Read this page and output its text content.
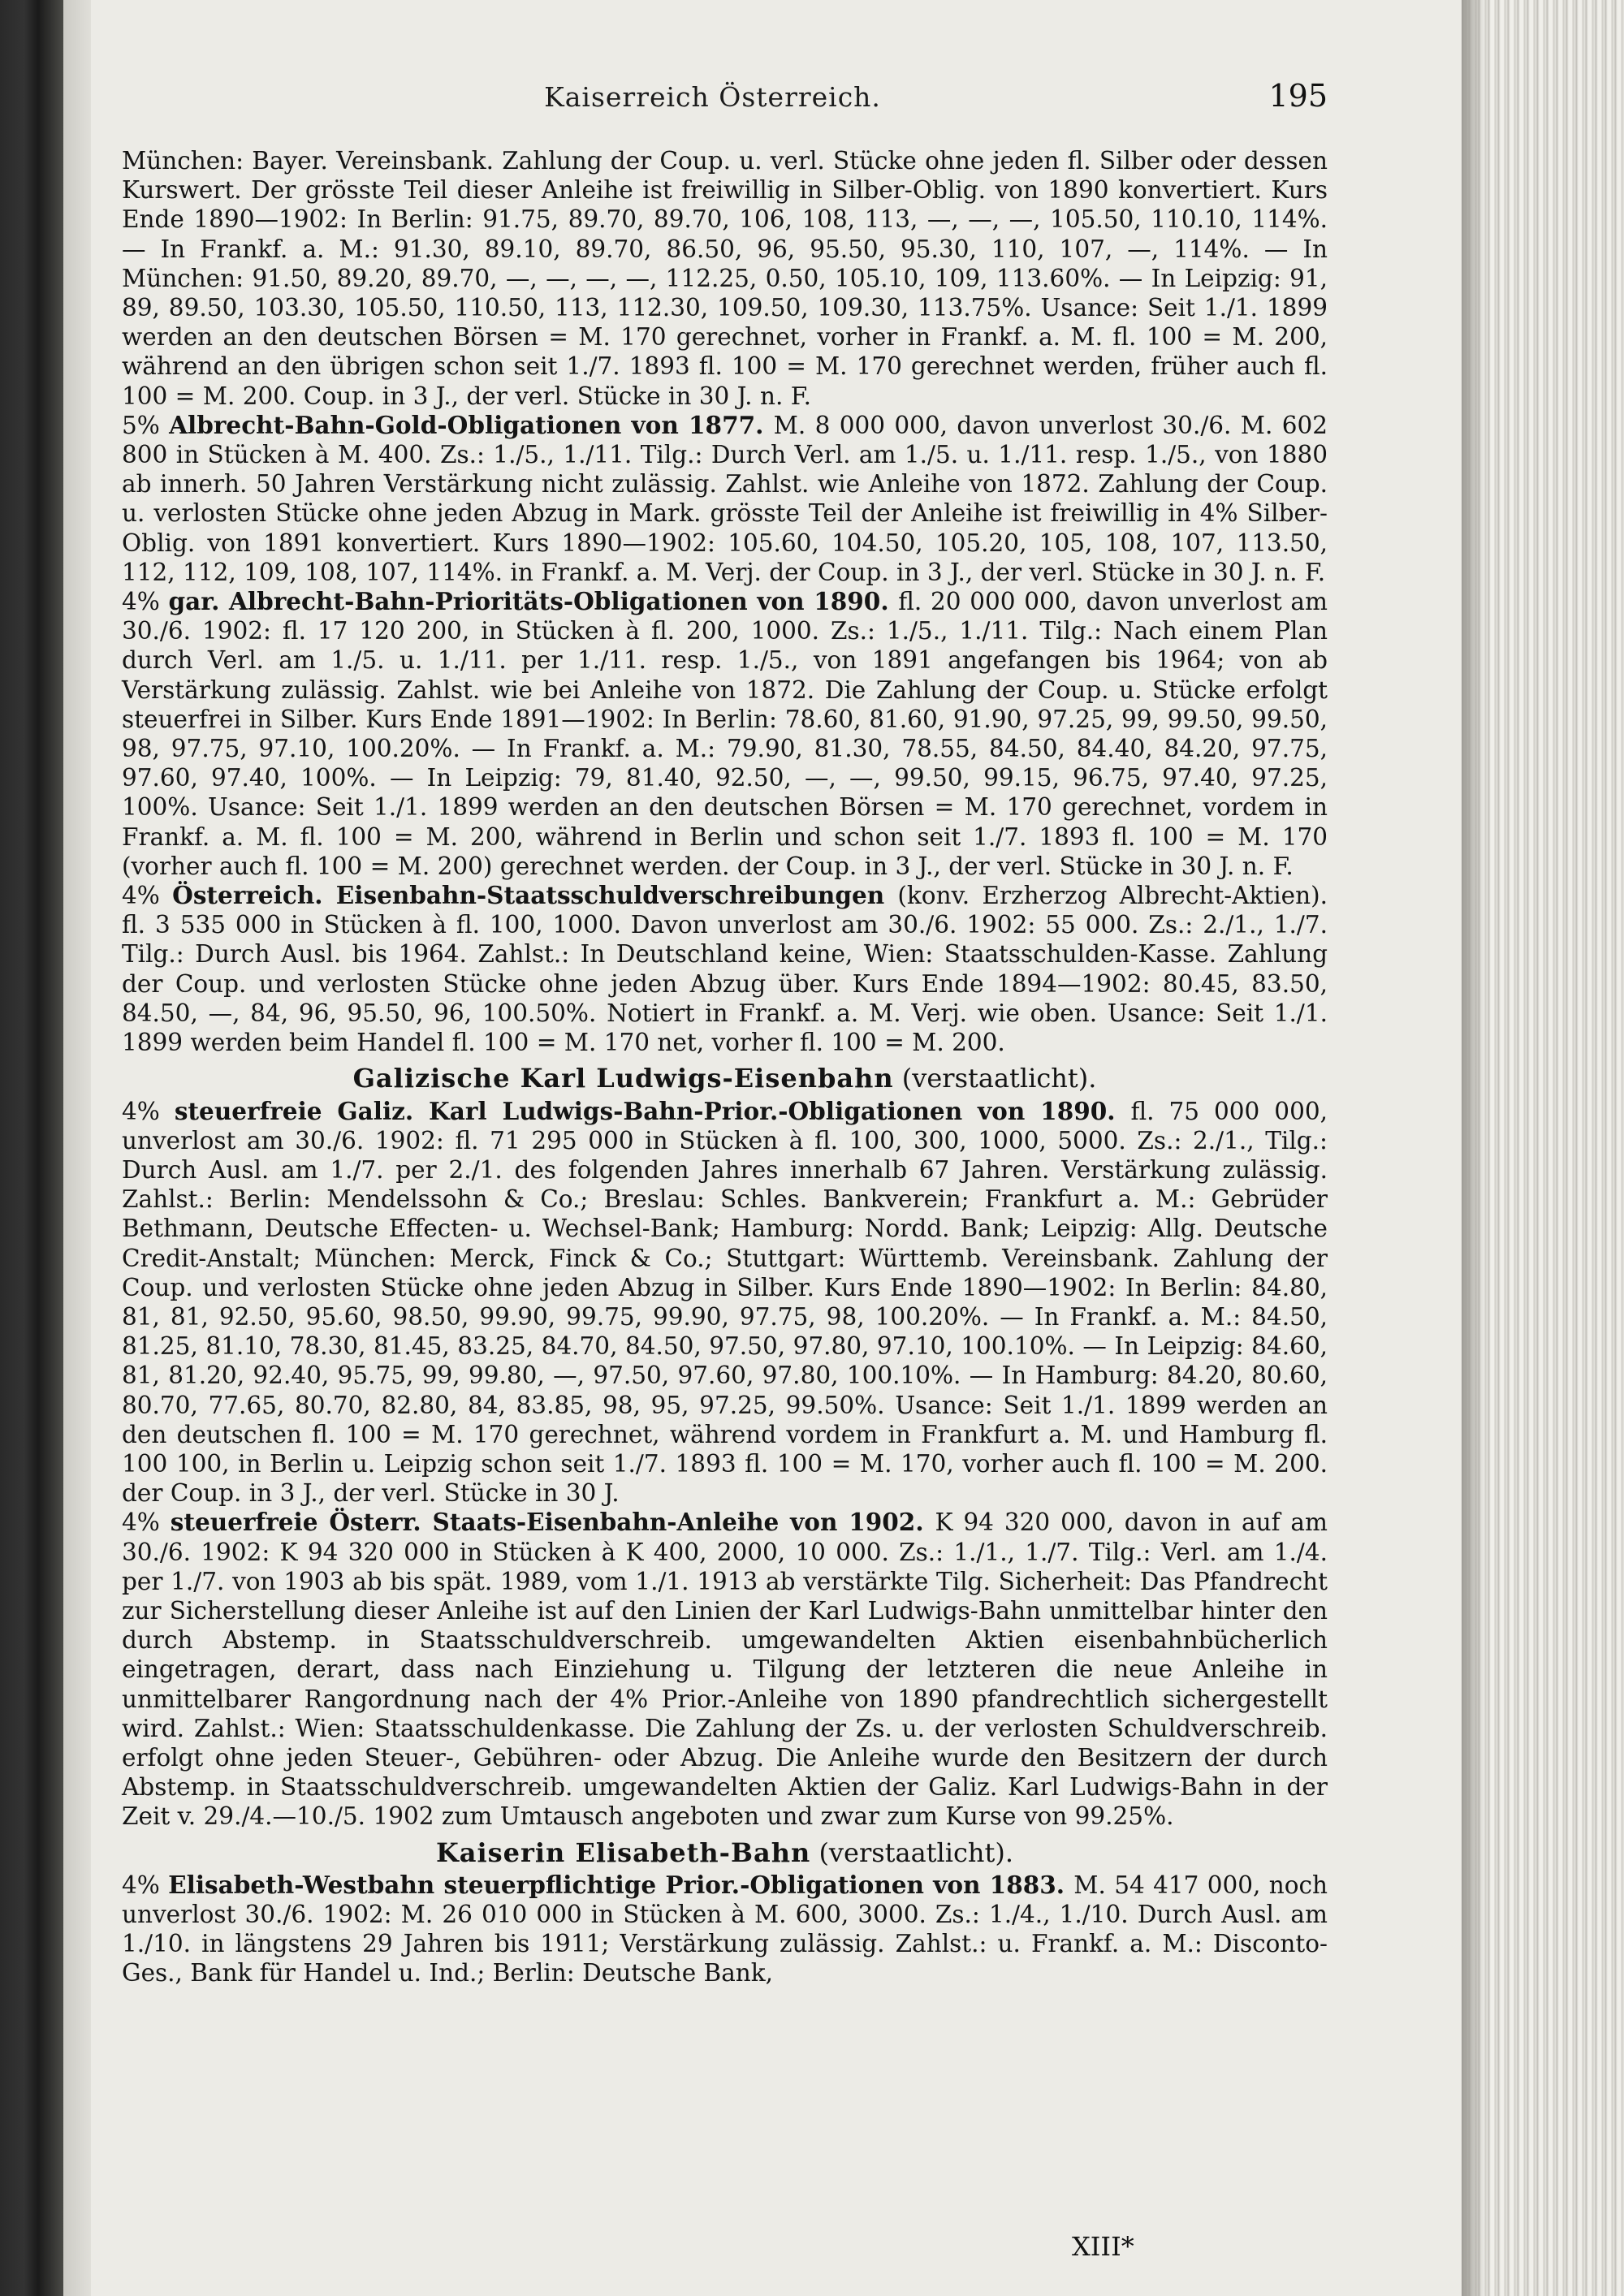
Kaiserreich Österreich.	195

München: Bayer. Vereinsbank. Zahlung der Coup. u. verl. Stücke ohne jeden fl. Silber oder dessen Kurswert. Der grösste Teil dieser Anleihe ist freiwillig in Silber-Oblig. von 1890 konvertiert. Kurs Ende 1890—1902: In Berlin: 91.75, 89.70, 89.70, 106, 108, 113, —, —, —, 105.50, 110.10, 114%. — In Frankf. a. M.: 91.30, 89.10, 89.70, 86.50, 96, 95.50, 95.30, 110, 107, —, 114%. — In München: 91.50, 89.20, 89.70, —, —, —, —, 112.25, 0.50, 105.10, 109, 113.60%. — In Leipzig: 91, 89, 89.50, 103.30, 105.50, 110.50, 113, 112.30, 109.50, 109.30, 113.75%. Usance: Seit 1./1. 1899 werden an den deutschen Börsen = M. 170 gerechnet, vorher in Frankf. a. M. fl. 100 = M. 200, während an den übrigen schon seit 1./7. 1893 fl. 100 = M. 170 gerechnet werden, früher auch fl. 100 = M. 200. Coup. in 3 J., der verl. Stücke in 30 J. n. F.

5% Albrecht-Bahn-Gold-Obligationen von 1877. M. 8 000 000, davon unverlost 30./6. M. 602 800 in Stücken à M. 400. Zs.: 1./5., 1./11. Tilg.: Durch Verl. am 1./5. u. 1./11. resp. 1./5., von 1880 ab innerh. 50 Jahren Verstärkung nicht zulässig. Zahlst. wie Anleihe von 1872. Zahlung der Coup. u. verlosten Stücke ohne jeden Abzug in Mark. grösste Teil der Anleihe ist freiwillig in 4% Silber-Oblig. von 1891 konvertiert. Kurs 1890—1902: 105.60, 104.50, 105.20, 105, 108, 107, 113.50, 112, 112, 109, 108, 107, 114%. in Frankf. a. M. Verj. der Coup. in 3 J., der verl. Stücke in 30 J. n. F.

4% gar. Albrecht-Bahn-Prioritäts-Obligationen von 1890. fl. 20 000 000, davon unverlost am 30./6. 1902: fl. 17 120 200, in Stücken à fl. 200, 1000. Zs.: 1./5., 1./11. Tilg.: Nach einem Plan durch Verl. am 1./5. u. 1./11. per 1./11. resp. 1./5., von 1891 angefangen bis 1964; von ab Verstärkung zulässig. Zahlst. wie bei Anleihe von 1872. Die Zahlung der Coup. u. Stücke erfolgt steuerfrei in Silber. Kurs Ende 1891—1902: In Berlin: 78.60, 81.60, 91.90, 97.25, 99, 99.50, 99.50, 98, 97.75, 97.10, 100.20%. — In Frankf. a. M.: 79.90, 81.30, 78.55, 84.50, 84.40, 84.20, 97.75, 97.60, 97.40, 100%. — In Leipzig: 79, 81.40, 92.50, —, —, 99.50, 99.15, 96.75, 97.40, 97.25, 100%. Usance: Seit 1./1. 1899 werden an den deutschen Börsen = M. 170 gerechnet, vordem in Frankf. a. M. fl. 100 = M. 200, während in Berlin und schon seit 1./7. 1893 fl. 100 = M. 170 (vorher auch fl. 100 = M. 200) gerechnet werden. der Coup. in 3 J., der verl. Stücke in 30 J. n. F.

4% Österreich. Eisenbahn-Staatsschuldverschreibungen (konv. Erzherzog Albrecht-Aktien). fl. 3 535 000 in Stücken à fl. 100, 1000. Davon unverlost am 30./6. 1902: 55 000. Zs.: 2./1., 1./7. Tilg.: Durch Ausl. bis 1964. Zahlst.: In Deutschland keine, Wien: Staatsschulden-Kasse. Zahlung der Coup. und verlosten Stücke ohne jeden Abzug über. Kurs Ende 1894—1902: 80.45, 83.50, 84.50, —, 84, 96, 95.50, 96, 100.50%. Notiert in Frankf. a. M. Verj. wie oben. Usance: Seit 1./1. 1899 werden beim Handel fl. 100 = M. 170 net, vorher fl. 100 = M. 200.

Galizische Karl Ludwigs-Eisenbahn (verstaatlicht).

4% steuerfreie Galiz. Karl Ludwigs-Bahn-Prior.-Obligationen von 1890. fl. 75 000 000, unverlost am 30./6. 1902: fl. 71 295 000 in Stücken à fl. 100, 300, 1000, 5000. Zs.: 2./1., Tilg.: Durch Ausl. am 1./7. per 2./1. des folgenden Jahres innerhalb 67 Jahren. Verstärkung zulässig. Zahlst.: Berlin: Mendelssohn & Co.; Breslau: Schles. Bankverein; Frankfurt a. M.: Gebrüder Bethmann, Deutsche Effecten- u. Wechsel-Bank; Hamburg: Nordd. Bank; Leipzig: Allg. Deutsche Credit-Anstalt; München: Merck, Finck & Co.; Stuttgart: Württemb. Vereinsbank. Zahlung der Coup. und verlosten Stücke ohne jeden Abzug in Silber. Kurs Ende 1890—1902: In Berlin: 84.80, 81, 81, 92.50, 95.60, 98.50, 99.90, 99.75, 99.90, 97.75, 98, 100.20%. — In Frankf. a. M.: 84.50, 81.25, 81.10, 78.30, 81.45, 83.25, 84.70, 84.50, 97.50, 97.80, 97.10, 100.10%. — In Leipzig: 84.60, 81, 81.20, 92.40, 95.75, 99, 99.80, —, 97.50, 97.60, 97.80, 100.10%. — In Hamburg: 84.20, 80.60, 80.70, 77.65, 80.70, 82.80, 84, 83.85, 98, 95, 97.25, 99.50%. Usance: Seit 1./1. 1899 werden an den deutschen fl. 100 = M. 170 gerechnet, während vordem in Frankfurt a. M. und Hamburg fl. 100 100, in Berlin u. Leipzig schon seit 1./7. 1893 fl. 100 = M. 170, vorher auch fl. 100 = M. 200. der Coup. in 3 J., der verl. Stücke in 30 J.

4% steuerfreie Österr. Staats-Eisenbahn-Anleihe von 1902. K 94 320 000, davon in auf am 30./6. 1902: K 94 320 000 in Stücken à K 400, 2000, 10 000. Zs.: 1./1., 1./7. Tilg.: Verl. am 1./4. per 1./7. von 1903 ab bis spät. 1989, vom 1./1. 1913 ab verstärkte Tilg. Sicherheit: Das Pfandrecht zur Sicherstellung dieser Anleihe ist auf den Linien der Karl Ludwigs-Bahn unmittelbar hinter den durch Abstemp. in Staatsschuldverschreib. umgewandelten Aktien eisenbahnbücherlich eingetragen, derart, dass nach Einziehung u. Tilgung der letzteren die neue Anleihe in unmittelbarer Rangordnung nach der 4% Prior.-Anleihe von 1890 pfandrechtlich sichergestellt wird. Zahlst.: Wien: Staatsschuldenkasse. Die Zahlung der Zs. u. der verlosten Schuldverschreib. erfolgt ohne jeden Steuer-, Gebühren- oder Abzug. Die Anleihe wurde den Besitzern der durch Abstemp. in Staatsschuldverschreib. umgewandelten Aktien der Galiz. Karl Ludwigs-Bahn in der Zeit v. 29./4.—10./5. 1902 zum Umtausch angeboten und zwar zum Kurse von 99.25%.

Kaiserin Elisabeth-Bahn (verstaatlicht).

4% Elisabeth-Westbahn steuerpflichtige Prior.-Obligationen von 1883. M. 54 417 000, noch unverlost 30./6. 1902: M. 26 010 000 in Stücken à M. 600, 3000. Zs.: 1./4., 1./10. Durch Ausl. am 1./10. in längstens 29 Jahren bis 1911; Verstärkung zulässig. Zahlst.: u. Frankf. a. M.: Disconto-Ges., Bank für Handel u. Ind.; Berlin: Deutsche Bank,

XIII*
